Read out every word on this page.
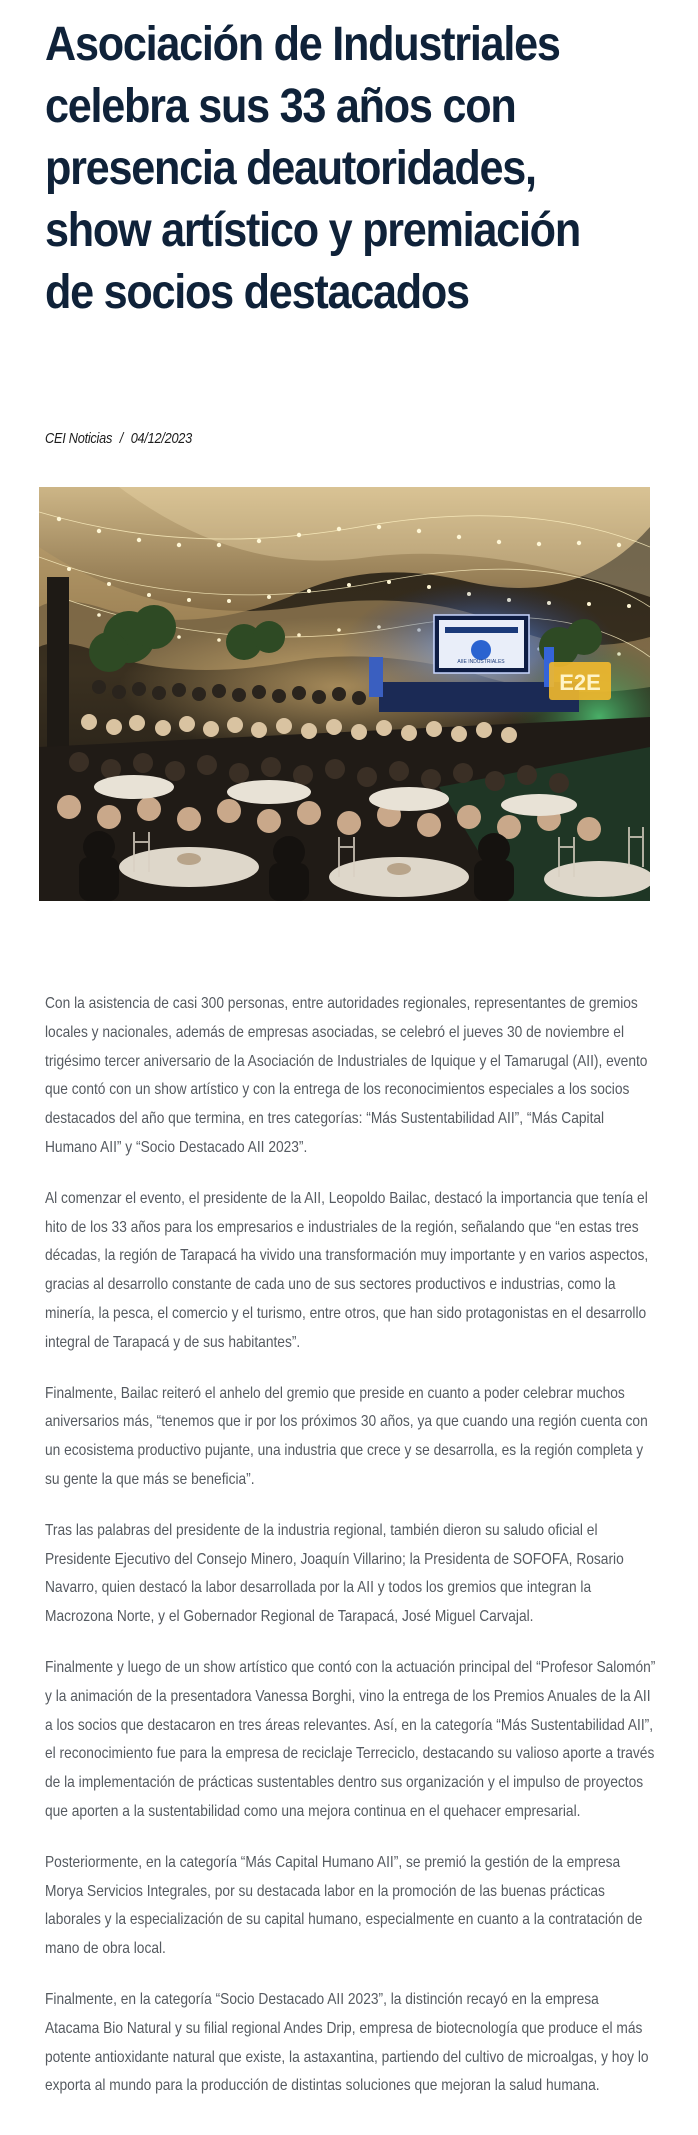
Asociación de Industriales celebra sus 33 años con presencia deautoridades, show artístico y premiación de socios destacados
CEI Noticias / 04/12/2023
AIIE INDUSTRIALES
E2E

Con la asistencia de casi 300 personas, entre autoridades regionales, representantes de gremios locales y nacionales, además de empresas asociadas, se celebró el jueves 30 de noviembre el trigésimo tercer aniversario de la Asociación de Industriales de Iquique y el Tamarugal (AII), evento que contó con un show artístico y con la entrega de los reconocimientos especiales a los socios destacados del año que termina, en tres categorías: “Más Sustentabilidad AII”, “Más Capital Humano AII” y “Socio Destacado AII 2023”.

Al comenzar el evento, el presidente de la AII, Leopoldo Bailac, destacó la importancia que tenía el hito de los 33 años para los empresarios e industriales de la región, señalando que “en estas tres décadas, la región de Tarapacá ha vivido una transformación muy importante y en varios aspectos, gracias al desarrollo constante de cada uno de sus sectores productivos e industrias, como la minería, la pesca, el comercio y el turismo, entre otros, que han sido protagonistas en el desarrollo integral de Tarapacá y de sus habitantes”.

Finalmente, Bailac reiteró el anhelo del gremio que preside en cuanto a poder celebrar muchos aniversarios más, “tenemos que ir por los próximos 30 años, ya que cuando una región cuenta con un ecosistema productivo pujante, una industria que crece y se desarrolla, es la región completa y su gente la que más se beneficia”.

Tras las palabras del presidente de la industria regional, también dieron su saludo oficial el Presidente Ejecutivo del Consejo Minero, Joaquín Villarino; la Presidenta de SOFOFA, Rosario Navarro, quien destacó la labor desarrollada por la AII y todos los gremios que integran la Macrozona Norte, y el Gobernador Regional de Tarapacá, José Miguel Carvajal.

Finalmente y luego de un show artístico que contó con la actuación principal del “Profesor Salomón” y la animación de la presentadora Vanessa Borghi, vino la entrega de los Premios Anuales de la AII a los socios que destacaron en tres áreas relevantes. Así, en la categoría “Más Sustentabilidad AII”, el reconocimiento fue para la empresa de reciclaje Terreciclo, destacando su valioso aporte a través de la implementación de prácticas sustentables dentro sus organización y el impulso de proyectos que aporten a la sustentabilidad como una mejora continua en el quehacer empresarial.

Posteriormente, en la categoría “Más Capital Humano AII”, se premió la gestión de la empresa Morya Servicios Integrales, por su destacada labor en la promoción de las buenas prácticas laborales y la especialización de su capital humano, especialmente en cuanto a la contratación de mano de obra local.

Finalmente, en la categoría “Socio Destacado AII 2023”, la distinción recayó en la empresa Atacama Bio Natural y su filial regional Andes Drip, empresa de biotecnología que produce el más potente antioxidante natural que existe, la astaxantina, partiendo del cultivo de microalgas, y hoy lo exporta al mundo para la producción de distintas soluciones que mejoran la salud humana.
